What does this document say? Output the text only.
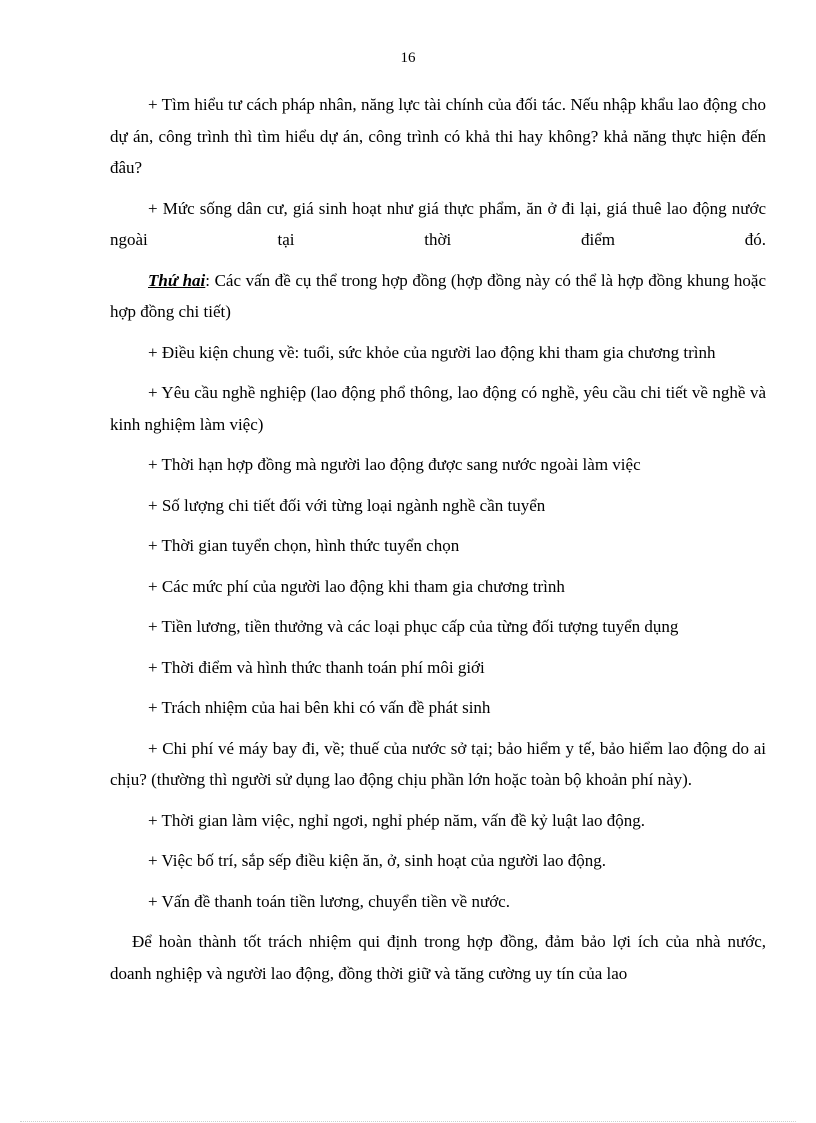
16

+ Tìm hiểu tư cách pháp nhân, năng lực tài chính của đối tác. Nếu nhập khẩu lao động cho dự án, công trình thì tìm hiểu dự án, công trình có khả thi hay không? khả năng thực hiện đến đâu?

+ Mức sống dân cư, giá sinh hoạt như giá thực phẩm, ăn ở đi lại, giá thuê lao động nước ngoài tại thời điểm đó.

Thứ hai: Các vấn đề cụ thể trong hợp đồng (hợp đồng này có thể là hợp đồng khung hoặc hợp đồng chi tiết)

+ Điều kiện chung về: tuổi, sức khỏe của người lao động khi tham gia chương trình

+ Yêu cầu nghề nghiệp (lao động phổ thông, lao động có nghề, yêu cầu chi tiết về nghề và kinh nghiệm làm việc)

+ Thời hạn hợp đồng mà người lao động được sang nước ngoài làm việc

+ Số lượng chi tiết đối với từng loại ngành nghề cần tuyển

+ Thời gian tuyển chọn, hình thức tuyển chọn

+ Các mức phí của người lao động khi tham gia chương trình

+ Tiền lương, tiền thưởng và các loại phục cấp của từng đối tượng tuyển dụng

+ Thời điểm và hình thức thanh toán phí môi giới

+ Trách nhiệm của hai bên khi có vấn đề phát sinh

+ Chi phí vé máy bay đi, về; thuế của nước sở tại; bảo hiểm y tế, bảo hiểm lao động do ai chịu? (thường thì người sử dụng lao động chịu phần lớn hoặc toàn bộ khoản phí này).

+ Thời gian làm việc, nghỉ ngơi, nghỉ phép năm, vấn đề kỷ luật lao động.

+ Việc bố trí, sắp sếp điều kiện ăn, ở, sinh hoạt của người lao động.

+ Vấn đề thanh toán tiền lương, chuyển tiền về nước.

Để hoàn thành tốt trách nhiệm qui định trong hợp đồng, đảm bảo lợi ích của nhà nước, doanh nghiệp và người lao động, đồng thời giữ và tăng cường uy tín của lao
